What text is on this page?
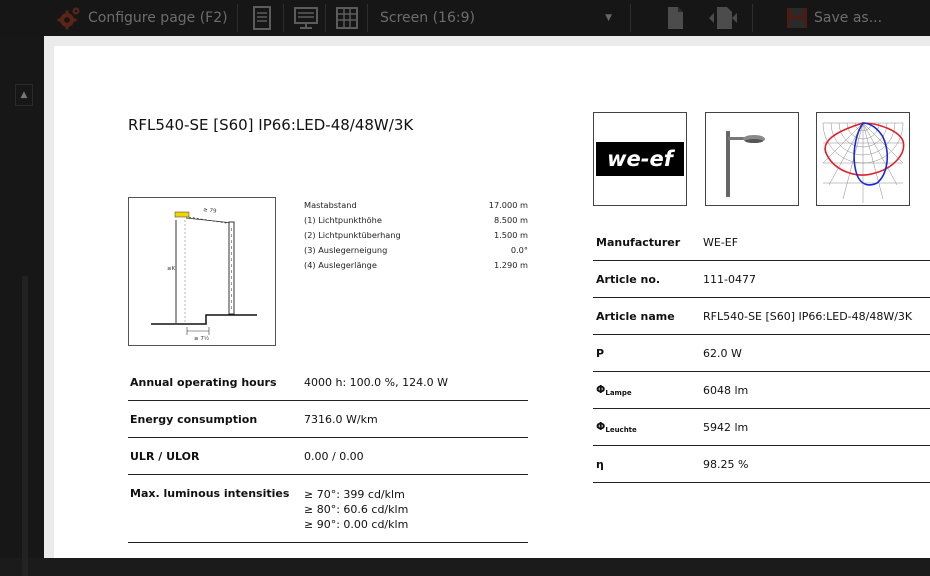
Configure page (F2)	Screen (16:9)	▼	Save as...
▲
RFL540-SE [S60] IP66:LED-48/48W/3K
≥ 79
≥K
≥ 7½
Mastabstand	17.000 m
(1) Lichtpunkthöhe	8.500 m
(2) Lichtpunktüberhang	1.500 m
(3) Auslegerneigung	0.0°
(4) Auslegerlänge	1.290 m
Annual operating hours	4000 h: 100.0 %, 124.0 W
Energy consumption	7316.0 W/km
ULR / ULOR	0.00 / 0.00
Max. luminous intensities	≥ 70°: 399 cd/klm
≥ 80°: 60.6 cd/klm
≥ 90°: 0.00 cd/klm
we-ef
Manufacturer	WE-EF
Article no.	111-0477
Article name	RFL540-SE [S60] IP66:LED-48/48W/3K
P	62.0 W
$\Phi_{Lampe}$	6048 lm
$\Phi_{Leuchte}$	5942 lm
η	98.25 %
